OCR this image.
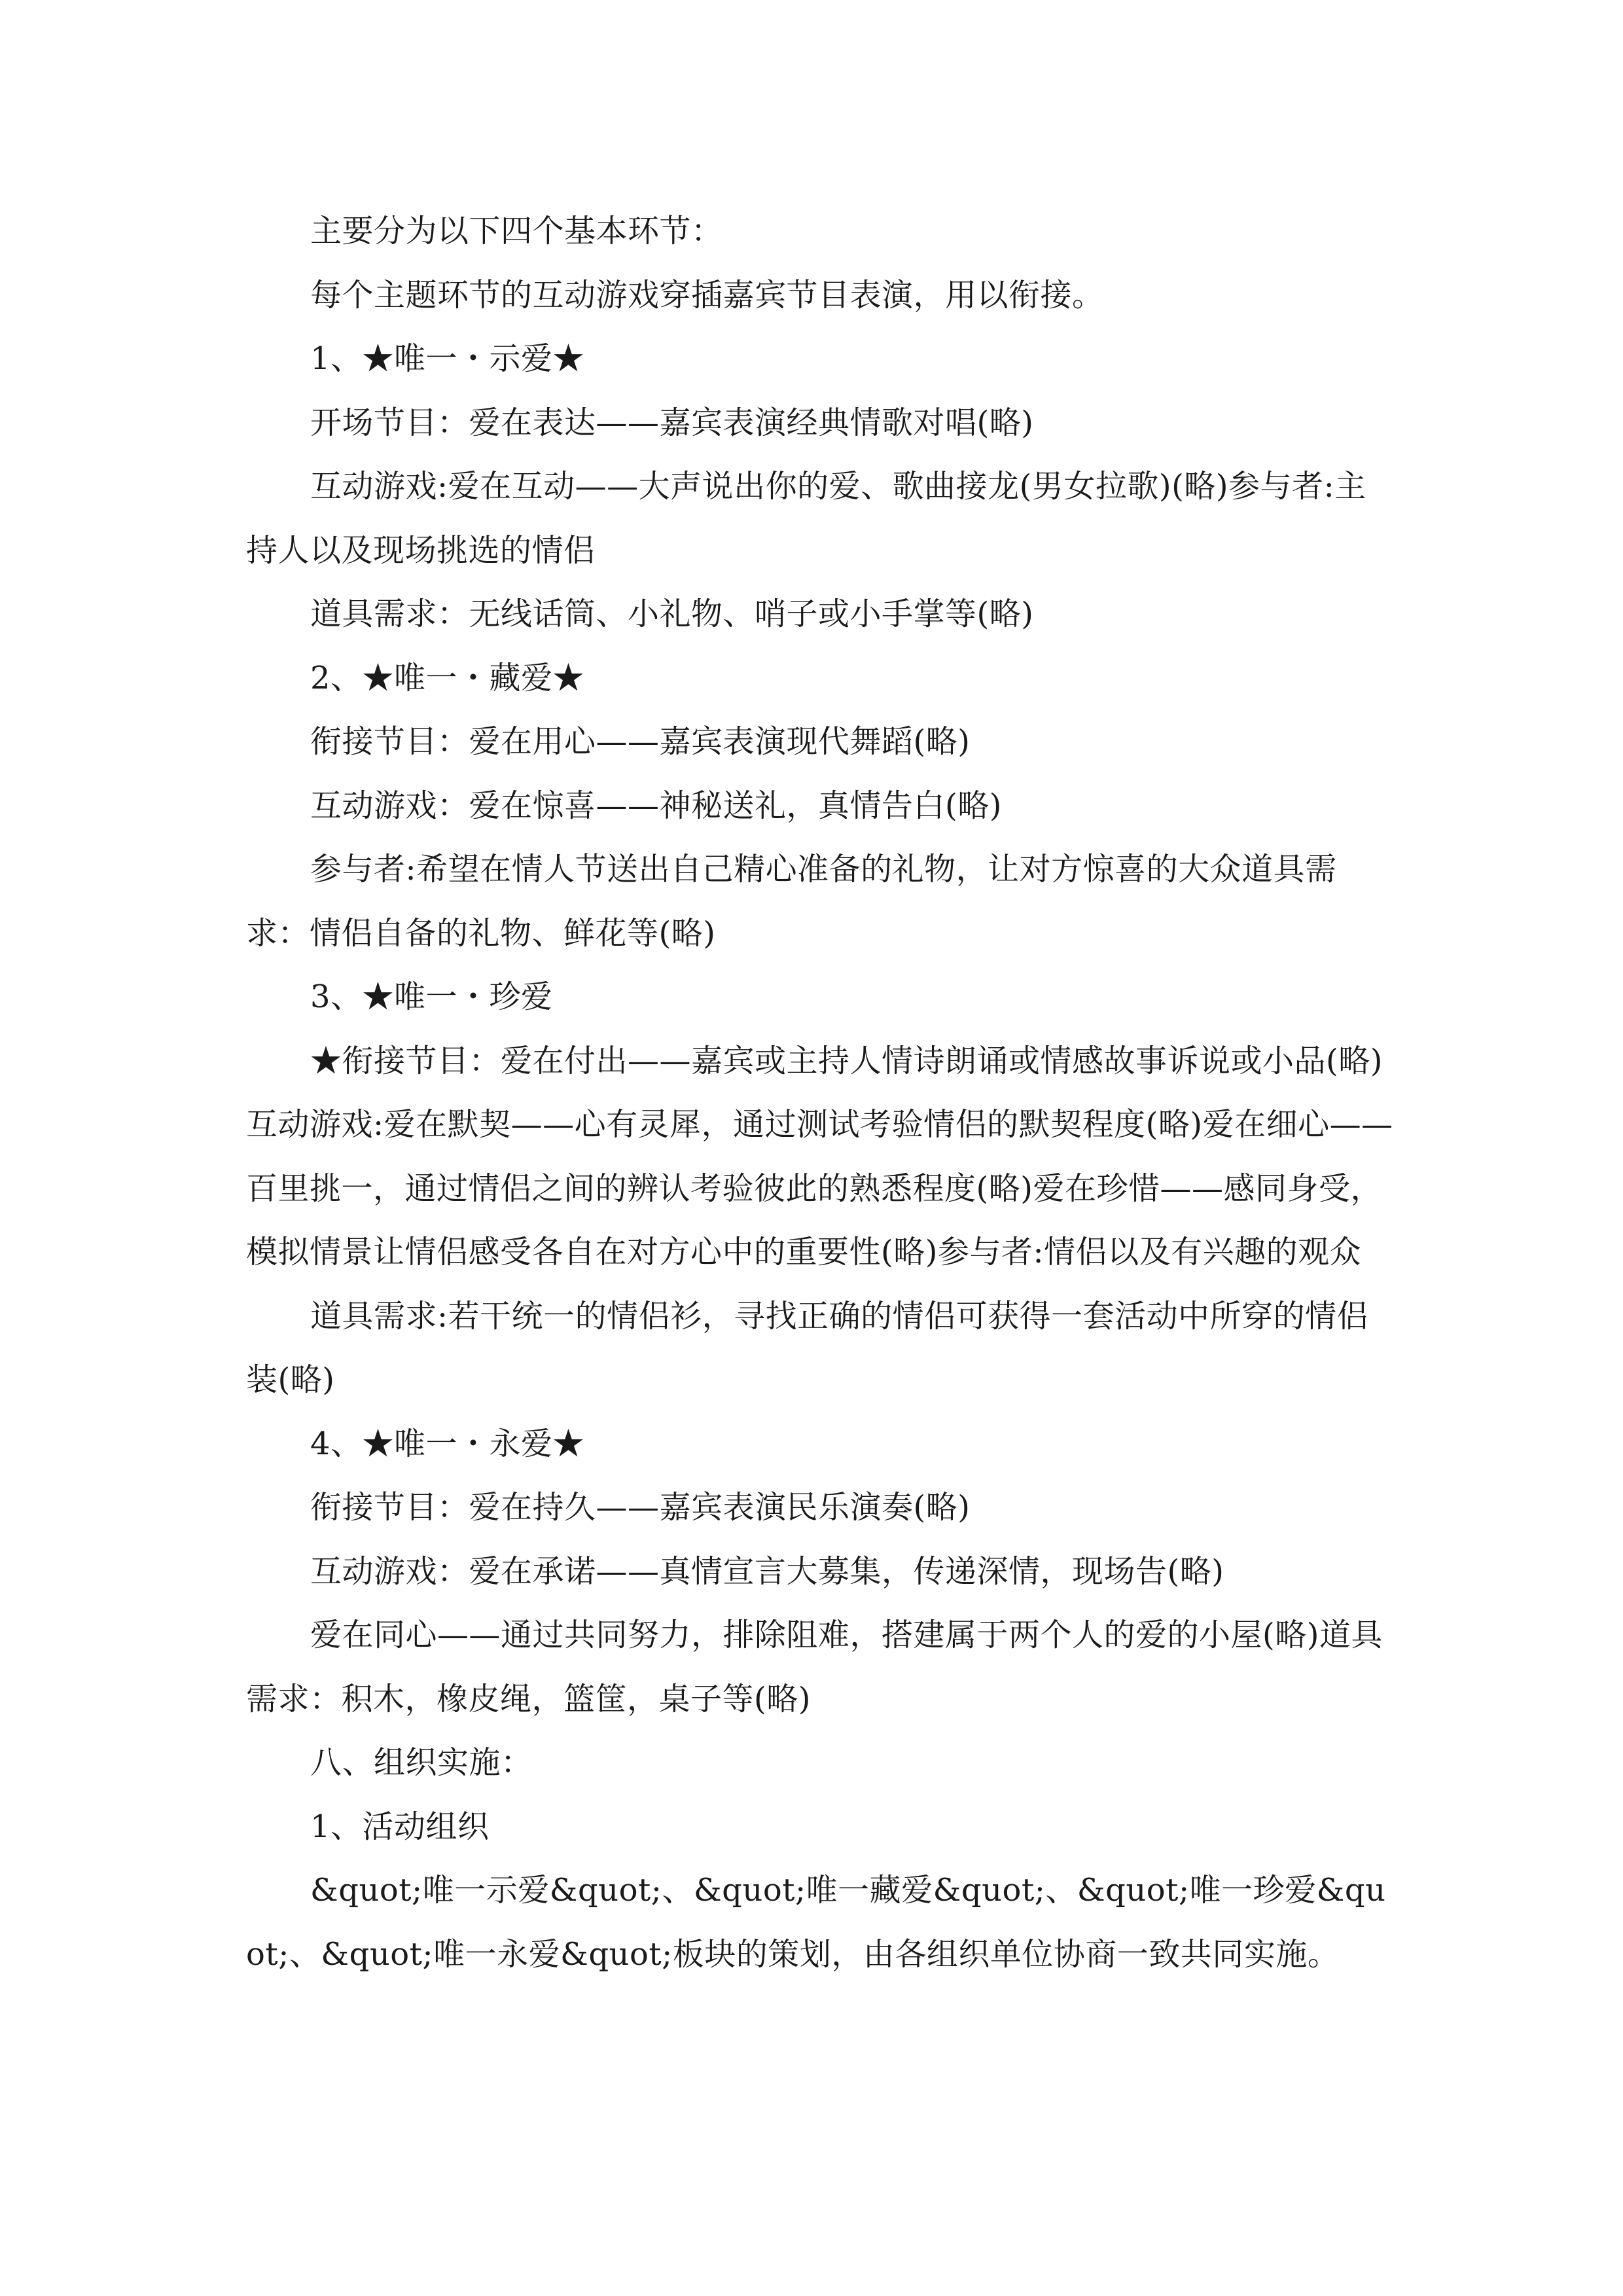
主要分为以下四个基本环节：

每个主题环节的互动游戏穿插嘉宾节目表演，用以衔接。

1、★唯一・示爱★

开场节目：爱在表达——嘉宾表演经典情歌对唱(略)

互动游戏:爱在互动——大声说出你的爱、歌曲接龙(男女拉歌)(略)参与者:主持人以及现场挑选的情侣

道具需求：无线话筒、小礼物、哨子或小手掌等(略)

2、★唯一・藏爱★

衔接节目：爱在用心——嘉宾表演现代舞蹈(略)

互动游戏：爱在惊喜——神秘送礼，真情告白(略)

参与者:希望在情人节送出自己精心准备的礼物，让对方惊喜的大众道具需求：情侣自备的礼物、鲜花等(略)

3、★唯一・珍爱

★衔接节目：爱在付出——嘉宾或主持人情诗朗诵或情感故事诉说或小品(略)互动游戏:爱在默契——心有灵犀，通过测试考验情侣的默契程度(略)爱在细心——百里挑一，通过情侣之间的辨认考验彼此的熟悉程度(略)爱在珍惜——感同身受，模拟情景让情侣感受各自在对方心中的重要性(略)参与者:情侣以及有兴趣的观众

道具需求:若干统一的情侣衫，寻找正确的情侣可获得一套活动中所穿的情侣装(略)

4、★唯一・永爱★

衔接节目：爱在持久——嘉宾表演民乐演奏(略)

互动游戏：爱在承诺——真情宣言大募集，传递深情，现场告(略)

爱在同心——通过共同努力，排除阻难，搭建属于两个人的爱的小屋(略)道具需求：积木，橡皮绳，篮筐，桌子等(略)

八、组织实施：

1、活动组织

&quot;唯一示爱&quot;、&quot;唯一藏爱&quot;、&quot;唯一珍爱&quot;、&quot;唯一永爱&quot;板块的策划，由各组织单位协商一致共同实施。
